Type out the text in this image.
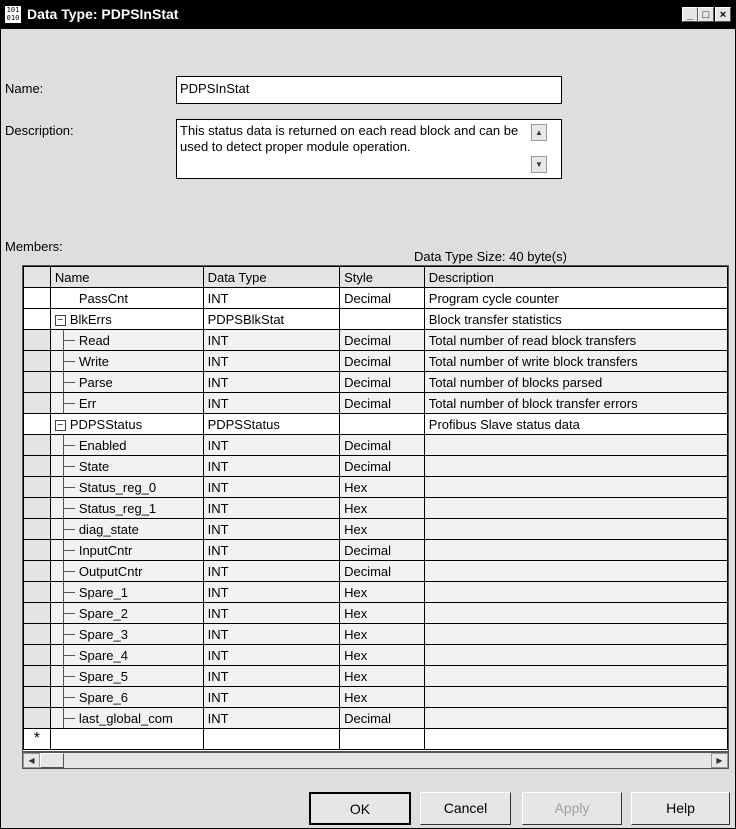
101
010 Data Type: PDPSInStat	_ □ ×
Name:	PDPSInStat
Description:	This status data is returned on each read block and can be used to detect proper module operation.
▲
▼
Members:
Data Type Size: 40 byte(s)
	Name	Data Type	Style	Description
	PassCnt	INT	Decimal	Program cycle counter
	− BlkErrs	PDPSBlkStat		Block transfer statistics

Read	INT	Decimal	Total number of read block transfers

Write	INT	Decimal	Total number of write block transfers

Parse	INT	Decimal	Total number of blocks parsed

Err	INT	Decimal	Total number of block transfer errors
	− PDPSStatus	PDPSStatus		Profibus Slave status data

Enabled	INT	Decimal	

State	INT	Decimal	

Status_reg_0	INT	Hex	

Status_reg_1	INT	Hex	

diag_state	INT	Hex	

InputCntr	INT	Decimal	

OutputCntr	INT	Decimal	

Spare_1	INT	Hex	

Spare_2	INT	Hex	

Spare_3	INT	Hex	

Spare_4	INT	Hex	

Spare_5	INT	Hex	

Spare_6	INT	Hex	

last_global_com	INT	Decimal	
*				
◀	▶
OK	Cancel	Apply	Help
